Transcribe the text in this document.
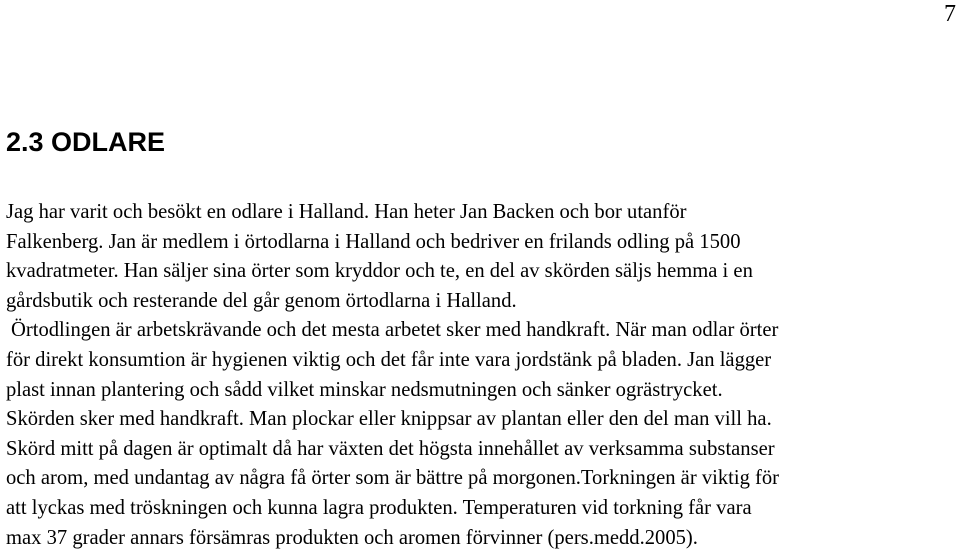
7
2.3 ODLARE
Jag har varit och besökt en odlare i Halland. Han heter Jan Backen och bor utanför
Falkenberg. Jan är medlem i örtodlarna i Halland och bedriver en frilands odling på 1500
kvadratmeter. Han säljer sina örter som kryddor och te, en del av skörden säljs hemma i en
gårdsbutik och resterande del går genom örtodlarna i Halland.
Örtodlingen är arbetskrävande och det mesta arbetet sker med handkraft. När man odlar örter
för direkt konsumtion är hygienen viktig och det får inte vara jordstänk på bladen. Jan lägger
plast innan plantering och sådd vilket minskar nedsmutningen och sänker ogrästrycket.
Skörden sker med handkraft. Man plockar eller knippsar av plantan eller den del man vill ha.
Skörd mitt på dagen är optimalt då har växten det högsta innehållet av verksamma substanser
och arom, med undantag av några få örter som är bättre på morgonen.Torkningen är viktig för
att lyckas med tröskningen och kunna lagra produkten. Temperaturen vid torkning får vara
max 37 grader annars försämras produkten och aromen förvinner (pers.medd.2005).
